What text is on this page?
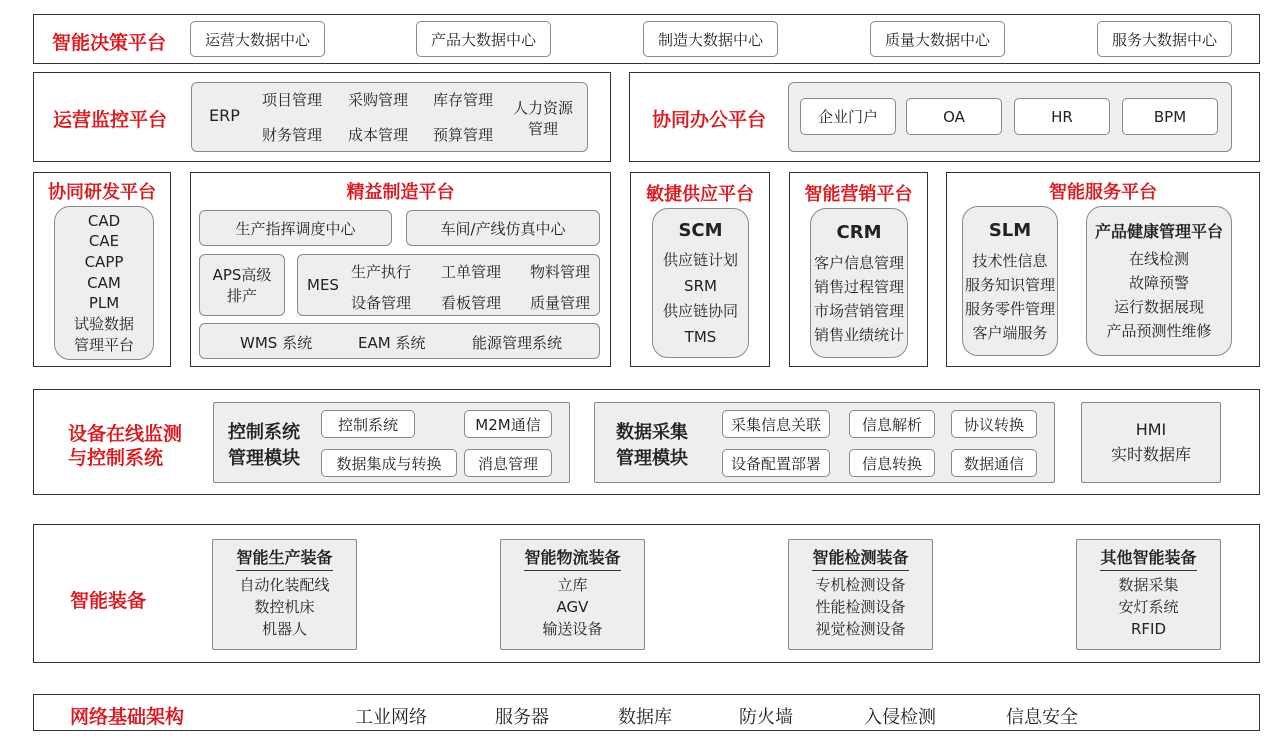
智能决策平台	运营大数据中心	产品大数据中心	制造大数据中心	质量大数据中心	服务大数据中心
运营监控平台	ERP
项目管理 采购管理 库存管理
财务管理 成本管理 预算管理
人力资源
管理	协同办公平台	企业门户	OA	HR	BPM
协同研发平台
CAD
CAE
CAPP
CAM
PLM
试验数据
管理平台
精益制造平台
生产指挥调度中心	车间/产线仿真中心
APS高级
排产
MES
生产执行 工单管理 物料管理
设备管理 看板管理 质量管理
WMS 系统	EAM 系统	能源管理系统
敏捷供应平台
SCM
供应链计划
SRM
供应链协同
TMS
智能营销平台
CRM
客户信息管理
销售过程管理
市场营销管理
销售业绩统计
智能服务平台
SLM
技术性信息
服务知识管理
服务零件管理
客户端服务
产品健康管理平台
在线检测
故障预警
运行数据展现
产品预测性维修
设备在线监测
与控制系统
控制系统
管理模块
控制系统	M2M通信
数据集成与转换	消息管理
数据采集
管理模块
采集信息关联	信息解析	协议转换
设备配置部署	信息转换	数据通信
HMI
实时数据库
智能装备
智能生产装备
自动化装配线
数控机床
机器人
智能物流装备
立库
AGV
输送设备
智能检测装备
专机检测设备
性能检测设备
视觉检测设备
其他智能装备
数据采集
安灯系统
RFID
网络基础架构	工业网络	服务器	数据库	防火墙	入侵检测	信息安全
